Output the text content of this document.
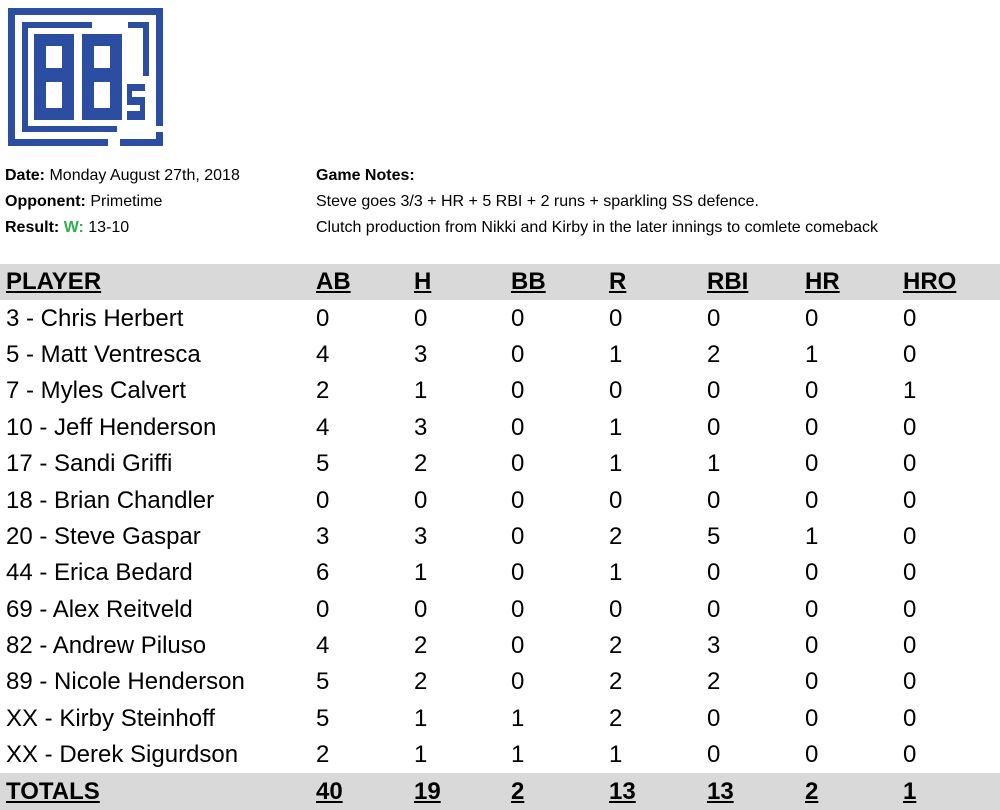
Date: Monday August 27th, 2018
Opponent: Primetime
Result: W: 13-10
Game Notes:
Steve goes 3/3 + HR + 5 RBI + 2 runs + sparkling SS defence.
Clutch production from Nikki and Kirby in the later innings to comlete comeback
PLAYER	AB	H	BB	R	RBI	HR	HRO
3 - Chris Herbert	0	0	0	0	0	0	0
5 - Matt Ventresca	4	3	0	1	2	1	0
7 - Myles Calvert	2	1	0	0	0	0	1
10 - Jeff Henderson	4	3	0	1	0	0	0
17 - Sandi Griffi	5	2	0	1	1	0	0
18 - Brian Chandler	0	0	0	0	0	0	0
20 - Steve Gaspar	3	3	0	2	5	1	0
44 - Erica Bedard	6	1	0	1	0	0	0
69 - Alex Reitveld	0	0	0	0	0	0	0
82 - Andrew Piluso	4	2	0	2	3	0	0
89 - Nicole Henderson	5	2	0	2	2	0	0
XX - Kirby Steinhoff	5	1	1	2	0	0	0
XX - Derek Sigurdson	2	1	1	1	0	0	0
TOTALS	40	19	2	13	13	2	1
